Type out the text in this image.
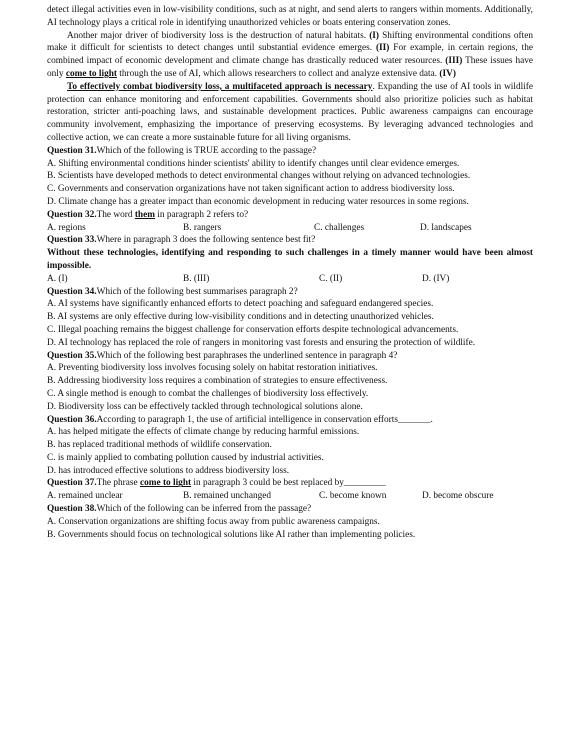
detect illegal activities even in low-visibility conditions, such as at night, and send alerts to rangers within moments. Additionally, AI technology plays a critical role in identifying unauthorized vehicles or boats entering conservation zones.

Another major driver of biodiversity loss is the destruction of natural habitats. (I) Shifting environmental conditions often make it difficult for scientists to detect changes until substantial evidence emerges. (II) For example, in certain regions, the combined impact of economic development and climate change has drastically reduced water resources. (III) These issues have only come to light through the use of AI, which allows researchers to collect and analyze extensive data. (IV)

To effectively combat biodiversity loss, a multifaceted approach is necessary. Expanding the use of AI tools in wildlife protection can enhance monitoring and enforcement capabilities. Governments should also prioritize policies such as habitat restoration, stricter anti-poaching laws, and sustainable development practices. Public awareness campaigns can encourage community involvement, emphasizing the importance of preserving ecosystems. By leveraging advanced technologies and collective action, we can create a more sustainable future for all living organisms.

Question 31.Which of the following is TRUE according to the passage?

A. Shifting environmental conditions hinder scientists' ability to identify changes until clear evidence emerges.

B. Scientists have developed methods to detect environmental changes without relying on advanced technologies.

C. Governments and conservation organizations have not taken significant action to address biodiversity loss.

D. Climate change has a greater impact than economic development in reducing water resources in some regions.

Question 32.The word them in paragraph 2 refers to?

A. regions	B. rangers	C. challenges	D. landscapes

Question 33.Where in paragraph 3 does the following sentence best fit?

Without these technologies, identifying and responding to such challenges in a timely manner would have been almost impossible.

A. (I)	B. (III)	C. (II)	D. (IV)

Question 34.Which of the following best summarises paragraph 2?

A. AI systems have significantly enhanced efforts to detect poaching and safeguard endangered species.

B. AI systems are only effective during low-visibility conditions and in detecting unauthorized vehicles.

C. Illegal poaching remains the biggest challenge for conservation efforts despite technological advancements.

D. AI technology has replaced the role of rangers in monitoring vast forests and ensuring the protection of wildlife.

Question 35.Which of the following best paraphrases the underlined sentence in paragraph 4?

A. Preventing biodiversity loss involves focusing solely on habitat restoration initiatives.

B. Addressing biodiversity loss requires a combination of strategies to ensure effectiveness.

C. A single method is enough to combat the challenges of biodiversity loss effectively.

D. Biodiversity loss can be effectively tackled through technological solutions alone.

Question 36.According to paragraph 1, the use of artificial intelligence in conservation efforts_______.

A. has helped mitigate the effects of climate change by reducing harmful emissions.

B. has replaced traditional methods of wildlife conservation.

C. is mainly applied to combating pollution caused by industrial activities.

D. has introduced effective solutions to address biodiversity loss.

Question 37.The phrase come to light in paragraph 3 could be best replaced by_________

A. remained unclear	B. remained unchanged	C. become known	D. become obscure

Question 38.Which of the following can be inferred from the passage?

A. Conservation organizations are shifting focus away from public awareness campaigns.

B. Governments should focus on technological solutions like AI rather than implementing policies.
